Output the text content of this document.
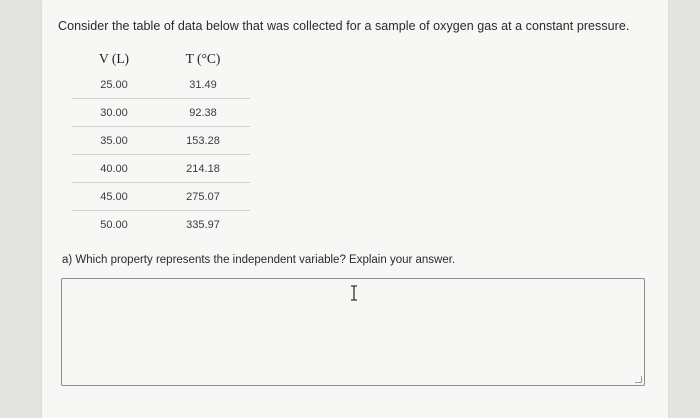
Consider the table of data below that was collected for a sample of oxygen gas at a constant pressure.
V (L)	T (°C)
25.00	31.49
30.00	92.38
35.00	153.28
40.00	214.18
45.00	275.07
50.00	335.97
a) Which property represents the independent variable? Explain your answer.
